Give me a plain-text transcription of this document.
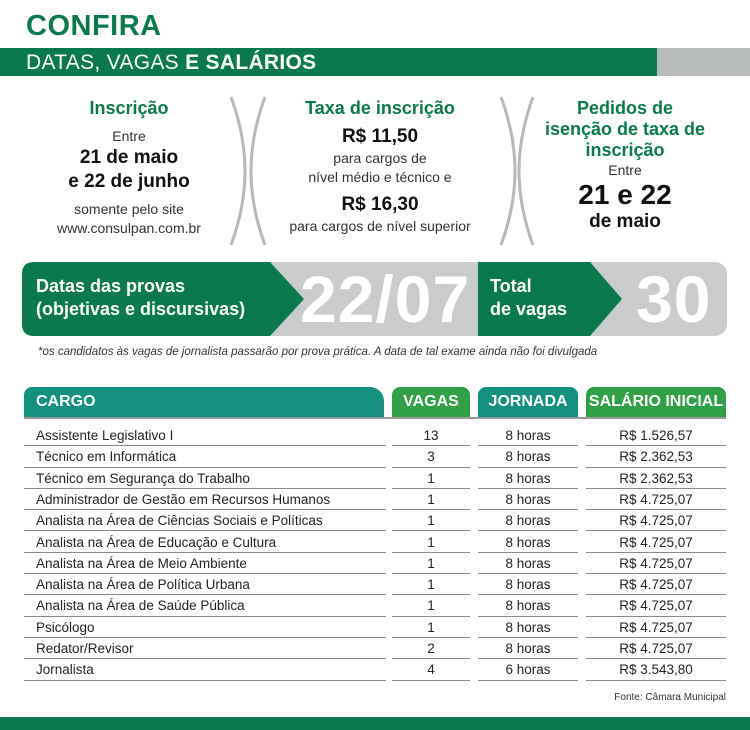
CONFIRA
DATAS, VAGAS E SALÁRIOS
Inscrição
Entre
21 de maio
e 22 de junho
somente pelo site
www.consulpan.com.br
Taxa de inscrição
R$ 11,50
para cargos de
nível médio e técnico e
R$ 16,30
para cargos de nível superior
Pedidos de
isenção de taxa de
inscrição
Entre
21 e 22
de maio
Datas das provas
(objetivas e discursivas) 22/07 Total
de vagas 30
*os candidatos às vagas de jornalista passarão por prova prática. A data de tal exame ainda não foi divulgada
CARGO	VAGAS	JORNADA	SALÁRIO INICIAL
Assistente Legislativo I	13	8 horas	R$ 1.526,57
Técnico em Informática	3	8 horas	R$ 2.362,53
Técnico em Segurança do Trabalho	1	8 horas	R$ 2.362,53
Administrador de Gestão em Recursos Humanos	1	8 horas	R$ 4.725,07
Analista na Área de Ciências Sociais e Políticas	1	8 horas	R$ 4.725,07
Analista na Área de Educação e Cultura	1	8 horas	R$ 4.725,07
Analista na Área de Meio Ambiente	1	8 horas	R$ 4.725,07
Analista na Área de Política Urbana	1	8 horas	R$ 4.725,07
Analista na Área de Saúde Pública	1	8 horas	R$ 4.725,07
Psicólogo	1	8 horas	R$ 4.725,07
Redator/Revisor	2	8 horas	R$ 4.725,07
Jornalista	4	6 horas	R$ 3.543,80
Fonte: Câmara Municipal
